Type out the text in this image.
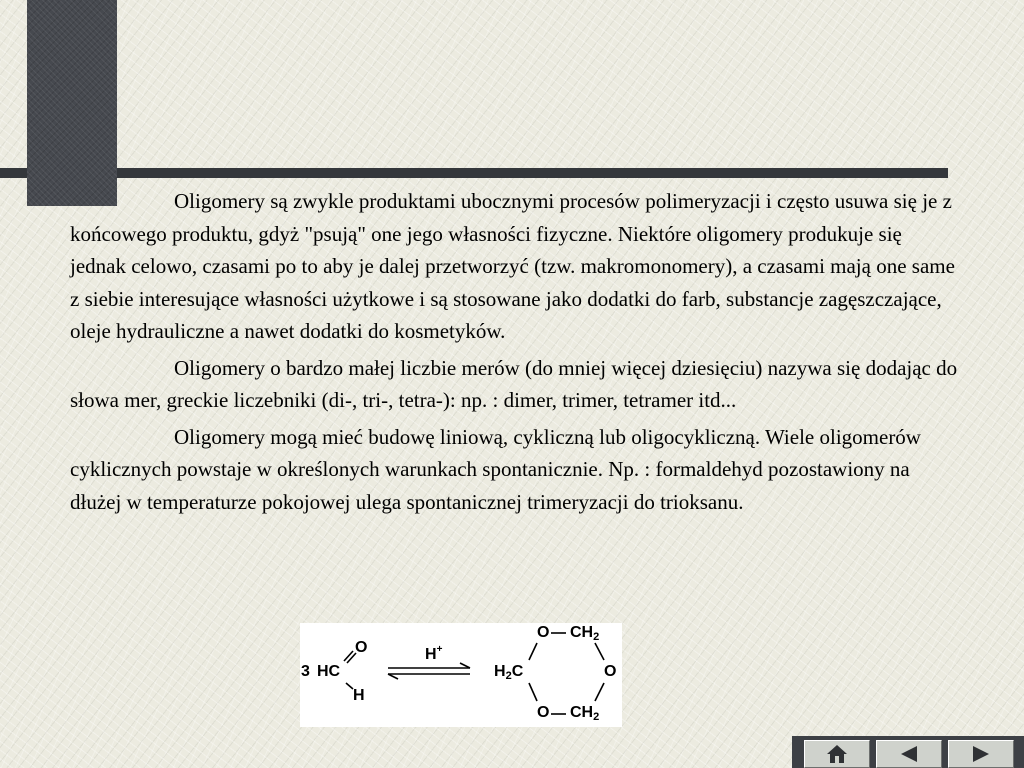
Oligomery są zwykle produktami ubocznymi procesów polimeryzacji i często usuwa się je z końcowego produktu, gdyż "psują" one jego własności fizyczne. Niektóre oligomery produkuje się jednak celowo, czasami po to aby je dalej przetworzyć (tzw. makromonomery), a czasami mają one same z siebie interesujące własności użytkowe i są stosowane jako dodatki do farb, substancje zagęszczające, oleje hydrauliczne a nawet dodatki do kosmetyków.

Oligomery o bardzo małej liczbie merów (do mniej więcej dziesięciu) nazywa się dodając do słowa mer, greckie liczebniki (di-, tri-, tetra-): np. : dimer, trimer, tetramer itd...

Oligomery mogą mieć budowę liniową, cykliczną lub oligocykliczną. Wiele oligomerów cyklicznych powstaje w określonych warunkach spontanicznie. Np. : formaldehyd pozostawiony na dłużej w temperaturze pokojowej ulega spontanicznej trimeryzacji do trioksanu.

3 HC
O
H
H+
O $CH_2$
$H_2C$	O
O $CH_2$
